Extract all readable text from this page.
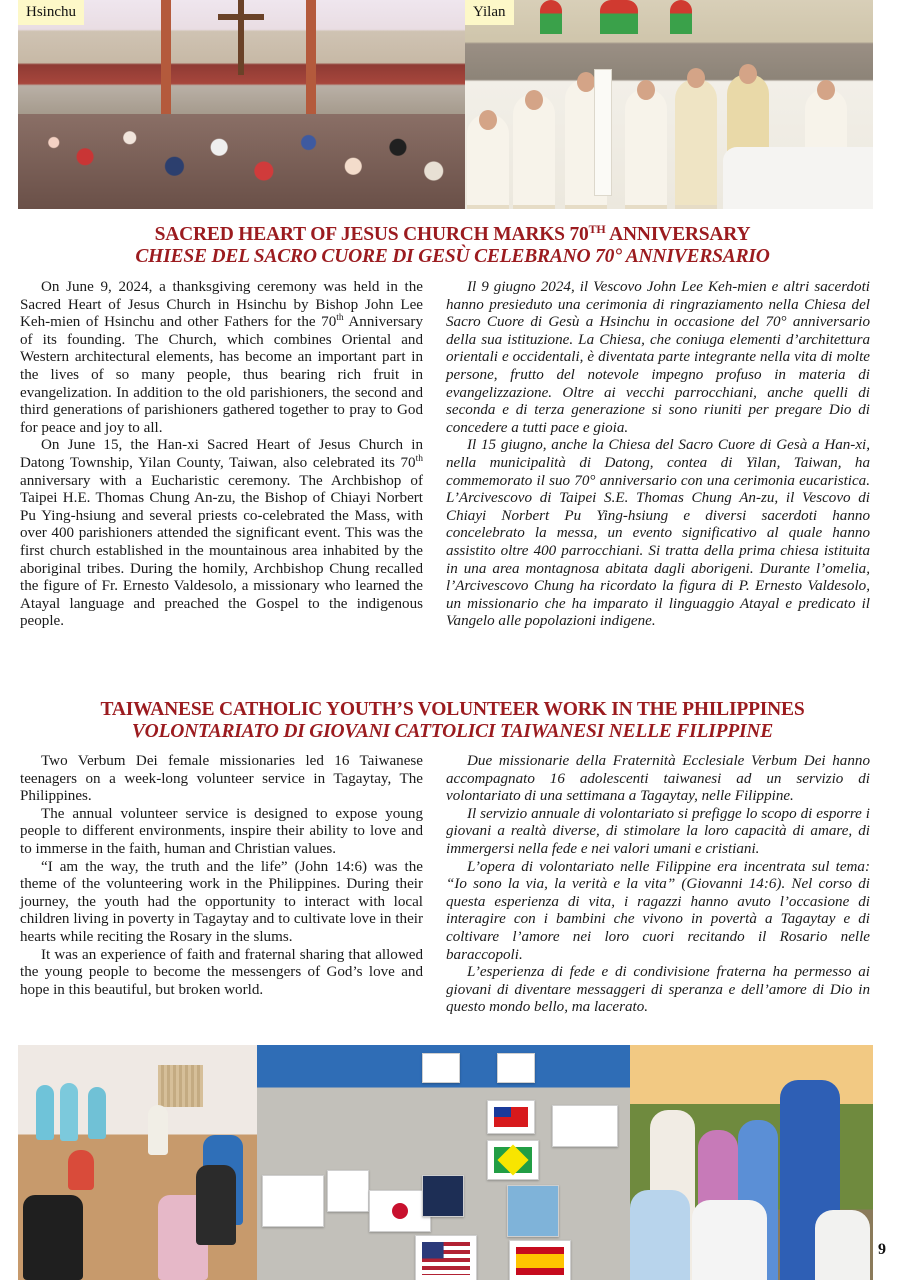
Hsinchu	Yilan
SACRED HEART OF JESUS CHURCH MARKS 70TH ANNIVERSARY
CHIESE DEL SACRO CUORE DI GESÙ CELEBRANO 70° ANNIVERSARIO

On June 9, 2024, a thanksgiving ceremony was held in the Sacred Heart of Jesus Church in Hsinchu by Bishop John Lee Keh-mien of Hsinchu and other Fathers for the 70th Anniversary of its founding. The Church, which combines Oriental and Western architectural elements, has become an important part in the lives of so many people, thus bearing rich fruit in evangelization. In addition to the old parishioners, the second and third generations of parishioners gathered together to pray to God for peace and joy to all.

On June 15, the Han-xi Sacred Heart of Jesus Church in Datong Township, Yilan County, Taiwan, also celebrated its 70th anniversary with a Eucharistic ceremony. The Archbishop of Taipei H.E. Thomas Chung An-zu, the Bishop of Chiayi Norbert Pu Ying-hsiung and several priests co-celebrated the Mass, with over 400 parishioners attended the significant event. This was the first church established in the mountainous area inhabited by the aboriginal tribes. During the homily, Archbishop Chung recalled the figure of Fr. Ernesto Valdesolo, a missionary who learned the Atayal language and preached the Gospel to the indigenous people.

Il 9 giugno 2024, il Vescovo John Lee Keh-mien e altri sacerdoti hanno presieduto una cerimonia di ringraziamento nella Chiesa del Sacro Cuore di Gesù a Hsinchu in occasione del 70° anniversario della sua istituzione. La Chiesa, che coniuga elementi d’architettura orientali e occidentali, è diventata parte integrante nella vita di molte persone, frutto del notevole impegno profuso in materia di evangelizzazione. Oltre ai vecchi parrocchiani, anche quelli di seconda e di terza generazione si sono riuniti per pregare Dio di concedere a tutti pace e gioia.

Il 15 giugno, anche la Chiesa del Sacro Cuore di Gesà a Han-xi, nella municipalità di Datong, contea di Yilan, Taiwan, ha commemorato il suo 70° anniversario con una cerimonia eucaristica. L’Arcivescovo di Taipei S.E. Thomas Chung An-zu, il Vescovo di Chiayi Norbert Pu Ying-hsiung e diversi sacerdoti hanno concelebrato la messa, un evento significativo al quale hanno assistito oltre 400 parrocchiani. Si tratta della prima chiesa istituita in una area montagnosa abitata dagli aborigeni. Durante l’omelia, l’Arcivescovo Chung ha ricordato la figura di P. Ernesto Valdesolo, un missionario che ha imparato il linguaggio Atayal e predicato il Vangelo alle popolazioni indigene.

TAIWANESE CATHOLIC YOUTH’S VOLUNTEER WORK IN THE PHILIPPINES
VOLONTARIATO DI GIOVANI CATTOLICI TAIWANESI NELLE FILIPPINE

Two Verbum Dei female missionaries led 16 Taiwanese teenagers on a week-long volunteer service in Tagaytay, The Philippines.

The annual volunteer service is designed to expose young people to different environments, inspire their ability to love and to immerse in the faith, human and Christian values.

“I am the way, the truth and the life” (John 14:6) was the theme of the volunteering work in the Philippines. During their journey, the youth had the opportunity to interact with local children living in poverty in Tagaytay and to cultivate love in their hearts while reciting the Rosary in the slums.

It was an experience of faith and fraternal sharing that allowed the young people to become the messengers of God’s love and hope in this beautiful, but broken world.

Due missionarie della Fraternità Ecclesiale Verbum Dei hanno accompagnato 16 adolescenti taiwanesi ad un servizio di volontariato di una settimana a Tagaytay, nelle Filippine.

Il servizio annuale di volontariato si prefigge lo scopo di esporre i giovani a realtà diverse, di stimolare la loro capacità di amare, di immergersi nella fede e nei valori umani e cristiani.

L’opera di volontariato nelle Filippine era incentrata sul tema: “Io sono la via, la verità e la vita” (Giovanni 14:6). Nel corso di questa esperienza di vita, i ragazzi hanno avuto l’occasione di interagire con i bambini che vivono in povertà a Tagaytay e di coltivare l’amore nei loro cuori recitando il Rosario nelle baraccopoli.

L’esperienza di fede e di condivisione fraterna ha permesso ai giovani di diventare messaggeri di speranza e dell’amore di Dio in questo mondo bello, ma lacerato.

9
